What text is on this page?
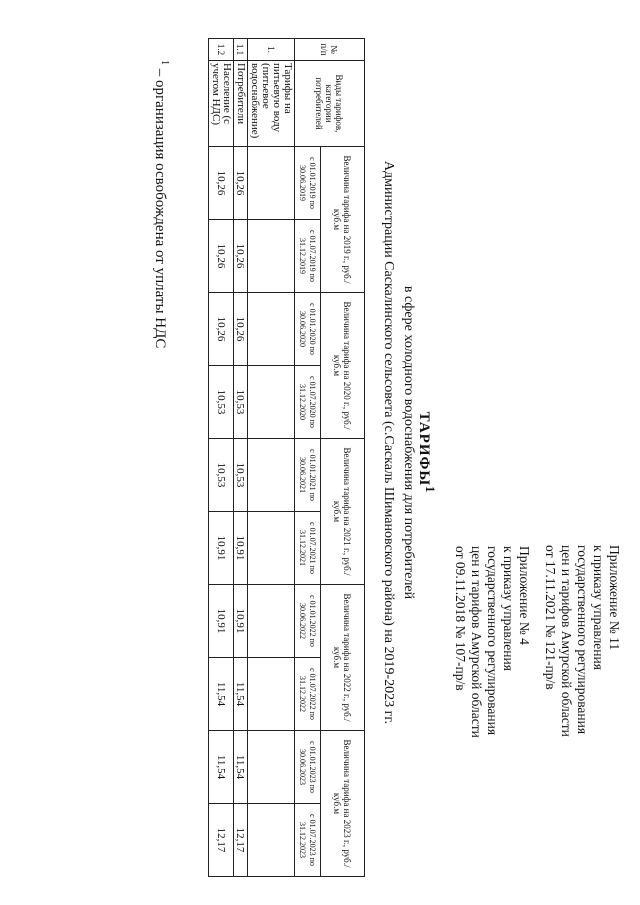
Приложение № 11
к приказу управления
государственного регулирования
цен и тарифов Амурской области
от 17.11.2021 № 121-пр/в
Приложение № 4
к приказу управления
государственного регулирования
цен и тарифов Амурской области
от 09.11.2018 № 107-пр/в
ТАРИФЫ$^1$
в сфере холодного водоснабжения для потребителей
Администрации Саскалинского сельсовета (с.Саскаль Шимановского района) на 2019-2023 гг.
№ п/п	Виды тарифов, категории потребителей	Величина тарифа на 2019 г., руб./куб.м		Величина тарифа на 2020 г., руб./куб.м		Величина тарифа на 2021 г., руб./куб.м		Величина тарифа на 2022 г., руб./куб.м		Величина тарифа на 2023 г., руб./куб.м	
		с 01.01.2019 по 30.06.2019	с 01.07.2019 по 31.12.2019	с 01.01.2020 по 30.06.2020	с 01.07.2020 по 31.12.2020	с 01.01.2021 по 30.06.2021	с 01.07.2021 по 31.12.2021	с 01.01.2022 по 30.06.2022	с 01.07.2022 по 31.12.2022	с 01.01.2023 по 30.06.2023	с 01.07.2023 по 31.12.2023
1.	Тарифы на питьевую воду (питьевое водоснабжение)										
1.1	Потребители	10,26	10,26	10,26	10,53	10,53	10,91	10,91	11,54	11,54	12,17
1.2	Население (с учетом НДС)	10,26	10,26	10,26	10,53	10,53	10,91	10,91	11,54	11,54	12,17
$^1$ – организация освобождена от уплаты НДС
